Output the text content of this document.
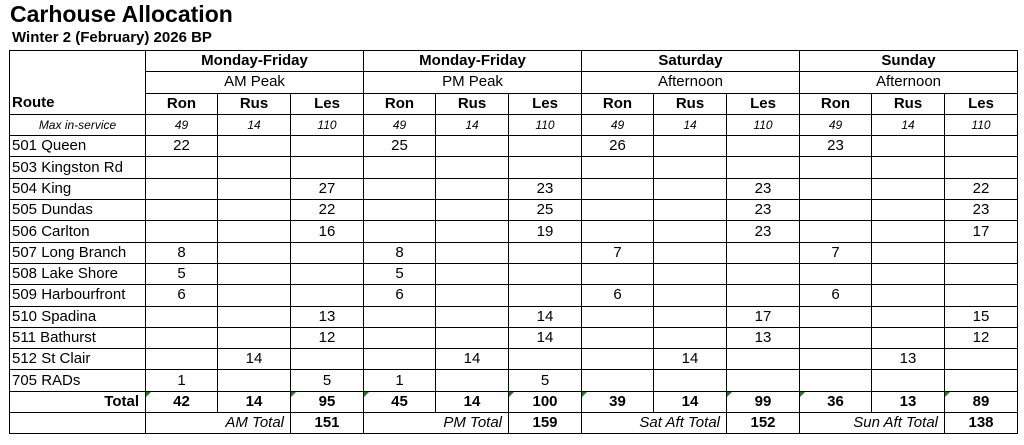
Carhouse Allocation
Winter 2 (February) 2026 BP
	Monday-Friday			Monday-Friday			Saturday			Sunday		
	AM Peak			PM Peak			Afternoon			Afternoon		
Route	Ron	Rus	Les	Ron	Rus	Les	Ron	Rus	Les	Ron	Rus	Les
Max in-service	49	14	110	49	14	110	49	14	110	49	14	110
501 Queen	22			25			26			23		
503 Kingston Rd												
504 King			27			23			23			22
505 Dundas			22			25			23			23
506 Carlton			16			19			23			17
507 Long Branch	8			8			7			7		
508 Lake Shore	5			5								
509 Harbourfront	6			6			6			6		
510 Spadina			13			14			17			15
511 Bathurst			12			14			13			12
512 St Clair		14			14			14			13	
705 RADs	1		5	1		5						
Total	42	14	95	45	14	100	39	14	99	36	13	89
	AM Total		151	PM Total		159	Sat Aft Total		152	Sun Aft Total		138
